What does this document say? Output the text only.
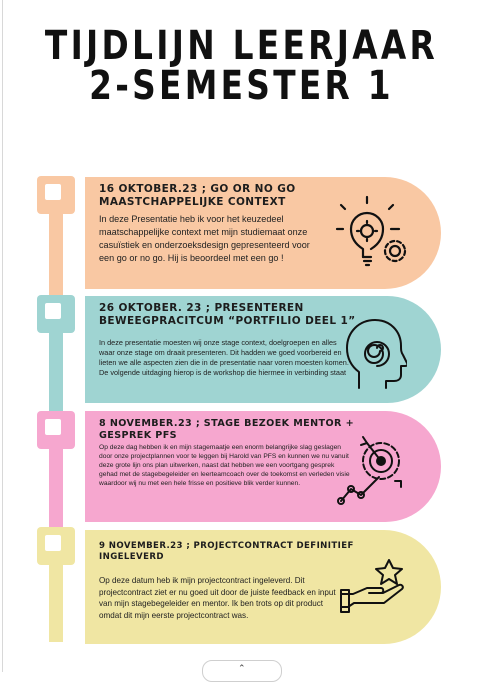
TIJDLIJN LEERJAAR
2-SEMESTER 1
16 OKTOBER.23 ; GO OR NO GO
MAASTCHAPPELIJKE CONTEXT

In deze Presentatie heb ik voor het keuzedeel maatschappelijke context met mijn studiemaat onze casuïstiek en onderzoeksdesign gepresenteerd voor een go or no go. Hij is beoordeel met een go !

26 OKTOBER. 23 ; PRESENTEREN
BEWEEGPRACITCUM “PORTFILIO DEEL 1”

In deze presentatie moesten wij onze stage context, doelgroepen en alles waar onze stage om draait presenteren. Dit hadden we goed voorbereid en lieten we alle aspecten zien die in de presentatie naar voren moesten komen. De volgende uitdaging hierop is de workshop die hiermee in verbinding staat

8 NOVEMBER.23 ; STAGE BEZOEK MENTOR +
GESPREK PFS

Op deze dag hebben ik en mijn stagemaatje een enorm belangrijke slag geslagen door onze projectplannen voor te leggen bij Harold van PFS en kunnen we nu vanuit deze grote lijn ons plan uitwerken, naast dat hebben we een voortgang gesprek gehad met de stagebegeleider en leerteamcoach over de toekomst en verleden visie waardoor wij nu met een hele frisse en positieve blik verder kunnen.

9 NOVEMBER.23 ; PROJECTCONTRACT DEFINITIEF
INGELEVERD

Op deze datum heb ik mijn projectcontract ingeleverd. Dit projectcontract ziet er nu goed uit door de juiste feedback en input van mijn stagebegeleider en mentor. Ik ben trots op dit product omdat dit mijn eerste projectcontract was.

⌃
